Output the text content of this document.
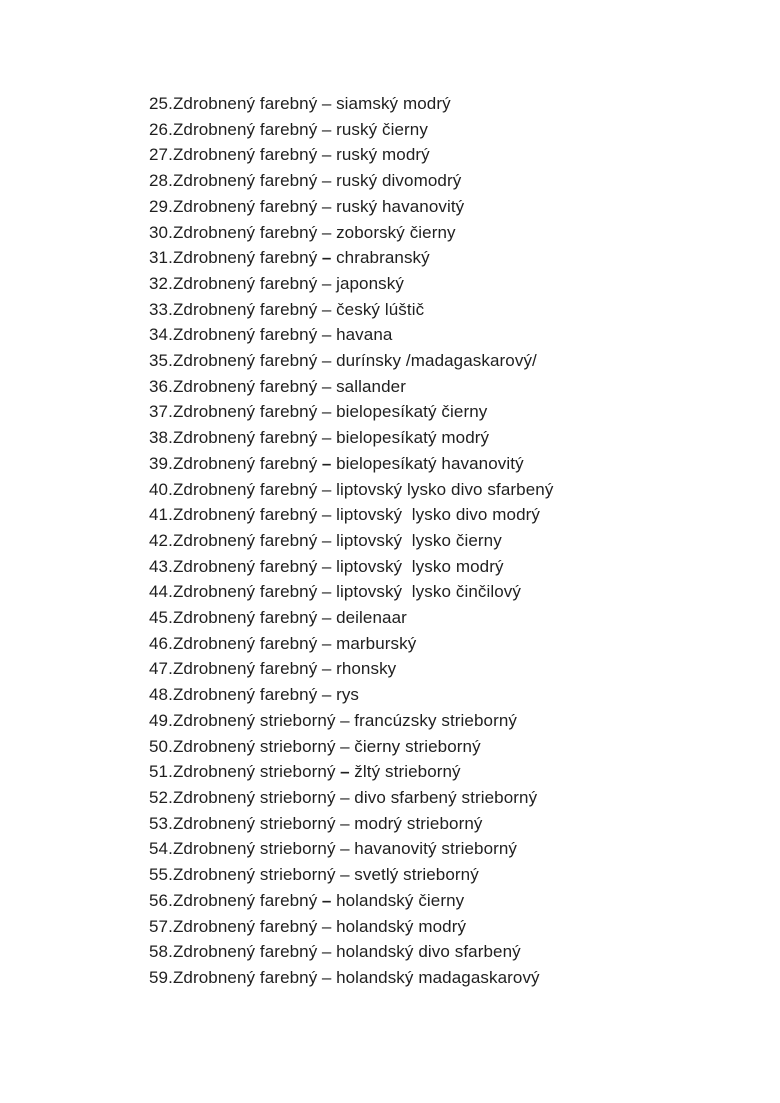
25.Zdrobnený farebný – siamský modrý
26.Zdrobnený farebný – ruský čierny
27.Zdrobnený farebný – ruský modrý
28.Zdrobnený farebný – ruský divomodrý
29.Zdrobnený farebný – ruský havanovitý
30.Zdrobnený farebný – zoborský čierny
31.Zdrobnený farebný – chrabranský
32.Zdrobnený farebný – japonský
33.Zdrobnený farebný – český lúštič
34.Zdrobnený farebný – havana
35.Zdrobnený farebný – durínsky /madagaskarový/
36.Zdrobnený farebný – sallander
37.Zdrobnený farebný – bielopesíkatý čierny
38.Zdrobnený farebný – bielopesíkatý modrý
39.Zdrobnený farebný – bielopesíkatý havanovitý
40.Zdrobnený farebný – liptovský lysko divo sfarbený
41.Zdrobnený farebný – liptovský  lysko divo modrý
42.Zdrobnený farebný – liptovský  lysko čierny
43.Zdrobnený farebný – liptovský  lysko modrý
44.Zdrobnený farebný – liptovský  lysko činčilový
45.Zdrobnený farebný – deilenaar
46.Zdrobnený farebný – marburský
47.Zdrobnený farebný – rhonsky
48.Zdrobnený farebný – rys
49.Zdrobnený strieborný – francúzsky strieborný
50.Zdrobnený strieborný – čierny strieborný
51.Zdrobnený strieborný – žltý strieborný
52.Zdrobnený strieborný – divo sfarbený strieborný
53.Zdrobnený strieborný – modrý strieborný
54.Zdrobnený strieborný – havanovitý strieborný
55.Zdrobnený strieborný – svetlý strieborný
56.Zdrobnený farebný – holandský čierny
57.Zdrobnený farebný – holandský modrý
58.Zdrobnený farebný – holandský divo sfarbený
59.Zdrobnený farebný – holandský madagaskarový
